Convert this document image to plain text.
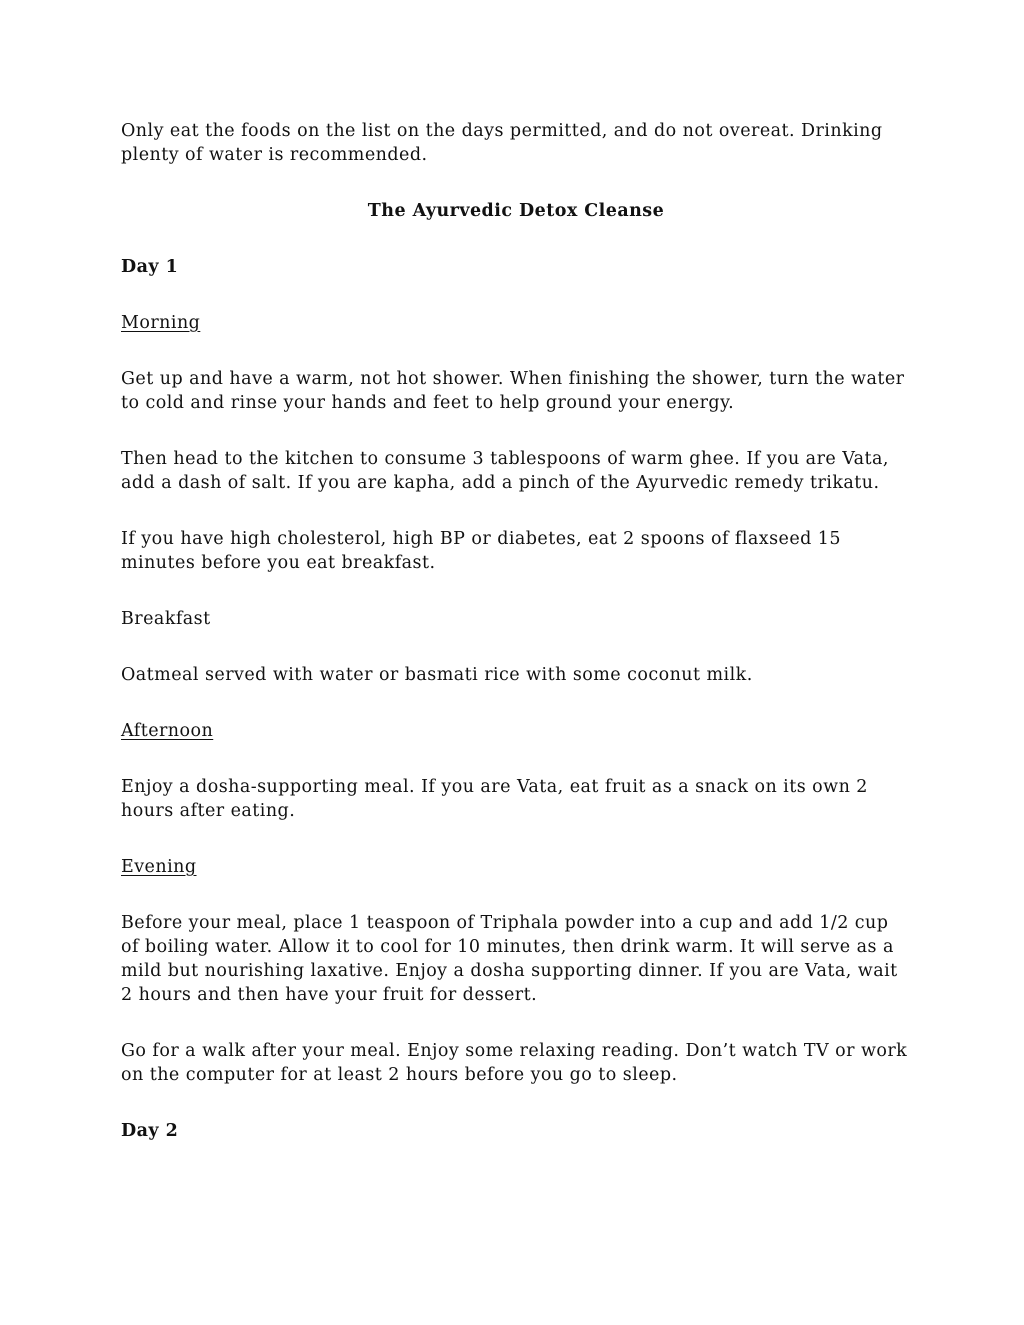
Only eat the foods on the list on the days permitted, and do not overeat. Drinking plenty of water is recommended.

The Ayurvedic Detox Cleanse

Day 1

Morning

Get up and have a warm, not hot shower. When finishing the shower, turn the water to cold and rinse your hands and feet to help ground your energy.

Then head to the kitchen to consume 3 tablespoons of warm ghee. If you are Vata, add a dash of salt. If you are kapha, add a pinch of the Ayurvedic remedy trikatu.

If you have high cholesterol, high BP or diabetes, eat 2 spoons of flaxseed 15 minutes before you eat breakfast.

Breakfast

Oatmeal served with water or basmati rice with some coconut milk.

Afternoon

Enjoy a dosha-supporting meal. If you are Vata, eat fruit as a snack on its own 2 hours after eating.

Evening

Before your meal, place 1 teaspoon of Triphala powder into a cup and add 1/2 cup of boiling water. Allow it to cool for 10 minutes, then drink warm. It will serve as a mild but nourishing laxative. Enjoy a dosha supporting dinner. If you are Vata, wait 2 hours and then have your fruit for dessert.

Go for a walk after your meal. Enjoy some relaxing reading. Don’t watch TV or work on the computer for at least 2 hours before you go to sleep.

Day 2
